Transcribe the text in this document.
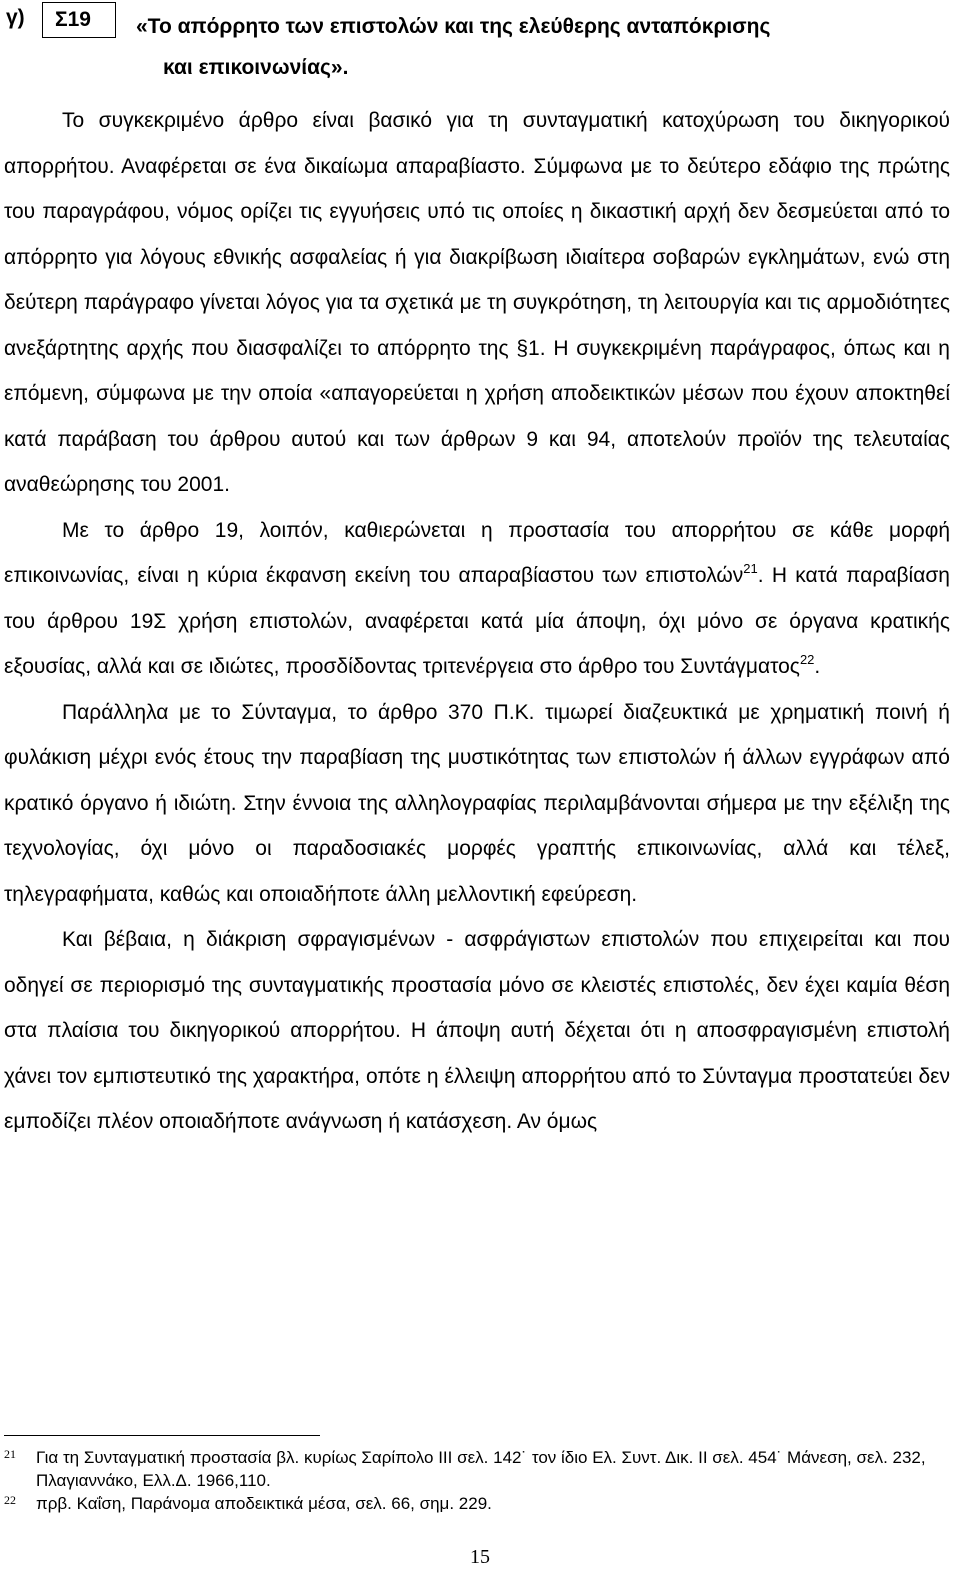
γ)	Σ19	«Το απόρρητο των επιστολών και της ελεύθερης ανταπόκρισης
και επικοινωνίας».

Το συγκεκριμένο άρθρο είναι βασικό για τη συνταγματική κατοχύρωση του δικηγορικού απορρήτου. Αναφέρεται σε ένα δικαίωμα απαραβίαστο. Σύμφωνα με το δεύτερο εδάφιο της πρώτης του παραγράφου, νόμος ορίζει τις εγγυήσεις υπό τις οποίες η δικαστική αρχή δεν δεσμεύεται από το απόρρητο για λόγους εθνικής ασφαλείας ή για διακρίβωση ιδιαίτερα σοβαρών εγκλημάτων, ενώ στη δεύτερη παράγραφο γίνεται λόγος για τα σχετικά με τη συγκρότηση, τη λειτουργία και τις αρμοδιότητες ανεξάρτητης αρχής που διασφαλίζει το απόρρητο της §1. Η συγκεκριμένη παράγραφος, όπως και η επόμενη, σύμφωνα με την οποία «απαγορεύεται η χρήση αποδεικτικών μέσων που έχουν αποκτηθεί κατά παράβαση του άρθρου αυτού και των άρθρων 9 και 94, αποτελούν προϊόν της τελευταίας αναθεώρησης του 2001.

Με το άρθρο 19, λοιπόν, καθιερώνεται η προστασία του απορρήτου σε κάθε μορφή επικοινωνίας, είναι η κύρια έκφανση εκείνη του απαραβίαστου των επιστολών$^{21}$. Η κατά παραβίαση του άρθρου 19Σ χρήση επιστολών, αναφέρεται κατά μία άποψη, όχι μόνο σε όργανα κρατικής εξουσίας, αλλά και σε ιδιώτες, προσδίδοντας τριτενέργεια στο άρθρο του Συντάγματος$^{22}$.

Παράλληλα με το Σύνταγμα, το άρθρο 370 Π.Κ. τιμωρεί διαζευκτικά με χρηματική ποινή ή φυλάκιση μέχρι ενός έτους την παραβίαση της μυστικότητας των επιστολών ή άλλων εγγράφων από κρατικό όργανο ή ιδιώτη. Στην έννοια της αλληλογραφίας περιλαμβάνονται σήμερα με την εξέλιξη της τεχνολογίας, όχι μόνο οι παραδοσιακές μορφές γραπτής επικοινωνίας, αλλά και τέλεξ, τηλεγραφήματα, καθώς και οποιαδήποτε άλλη μελλοντική εφεύρεση.

Και βέβαια, η διάκριση σφραγισμένων - ασφράγιστων επιστολών που επιχειρείται και που οδηγεί σε περιορισμό της συνταγματικής προστασία μόνο σε κλειστές επιστολές, δεν έχει καμία θέση στα πλαίσια του δικηγορικού απορρήτου. Η άποψη αυτή δέχεται ότι η αποσφραγισμένη επιστολή χάνει τον εμπιστευτικό της χαρακτήρα, οπότε η έλλειψη απορρήτου από το Σύνταγμα προστατεύει δεν εμποδίζει πλέον οποιαδήποτε ανάγνωση ή κατάσχεση. Αν όμως

21 Για τη Συνταγματική προστασία βλ. κυρίως Σαρίπολο ΙΙΙ σελ. 142˙ τον ίδιο Ελ. Συντ. Δικ. ΙΙ σελ. 454˙ Μάνεση, σελ. 232, Πλαγιαννάκο, Ελλ.Δ. 1966,110.
22 πρβ. Καΐση, Παράνομα αποδεικτικά μέσα, σελ. 66, σημ. 229.
15
